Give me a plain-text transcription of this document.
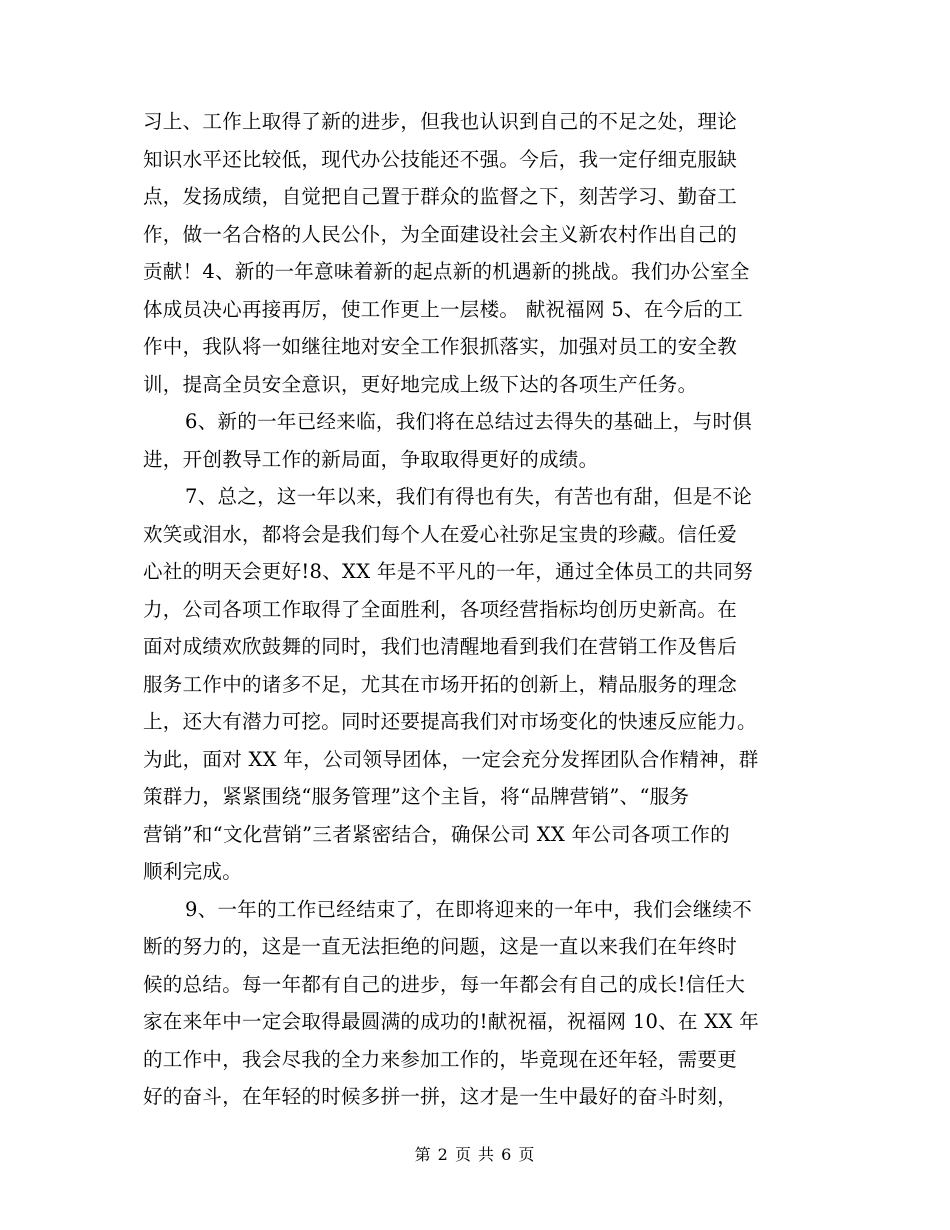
习上、工作上取得了新的进步，但我也认识到自己的不足之处，理论
知识水平还比较低，现代办公技能还不强。今后，我一定仔细克服缺
点，发扬成绩，自觉把自己置于群众的监督之下，刻苦学习、勤奋工
作，做一名合格的人民公仆，为全面建设社会主义新农村作出自己的
贡献！4、新的一年意味着新的起点新的机遇新的挑战。我们办公室全
体成员决心再接再厉，使工作更上一层楼。 献祝福网 5、在今后的工
作中，我队将一如继往地对安全工作狠抓落实，加强对员工的安全教
训，提高全员安全意识，更好地完成上级下达的各项生产任务。
6、新的一年已经来临，我们将在总结过去得失的基础上，与时俱
进，开创教导工作的新局面，争取取得更好的成绩。
7、总之，这一年以来，我们有得也有失，有苦也有甜，但是不论
欢笑或泪水，都将会是我们每个人在爱心社弥足宝贵的珍藏。信任爱
心社的明天会更好!8、XX 年是不平凡的一年，通过全体员工的共同努
力，公司各项工作取得了全面胜利，各项经营指标均创历史新高。在
面对成绩欢欣鼓舞的同时，我们也清醒地看到我们在营销工作及售后
服务工作中的诸多不足，尤其在市场开拓的创新上，精品服务的理念
上，还大有潜力可挖。同时还要提高我们对市场变化的快速反应能力。
为此，面对 XX 年，公司领导团体，一定会充分发挥团队合作精神，群
策群力，紧紧围绕“服务管理”这个主旨，将“品牌营销”、“服务
营销”和“文化营销”三者紧密结合，确保公司 XX 年公司各项工作的
顺利完成。
9、一年的工作已经结束了，在即将迎来的一年中，我们会继续不
断的努力的，这是一直无法拒绝的问题，这是一直以来我们在年终时
候的总结。每一年都有自己的进步，每一年都会有自己的成长!信任大
家在来年中一定会取得最圆满的成功的!献祝福，祝福网 10、在 XX 年
的工作中，我会尽我的全力来参加工作的，毕竟现在还年轻，需要更
好的奋斗，在年轻的时候多拼一拼，这才是一生中最好的奋斗时刻，
第 2 页 共 6 页
